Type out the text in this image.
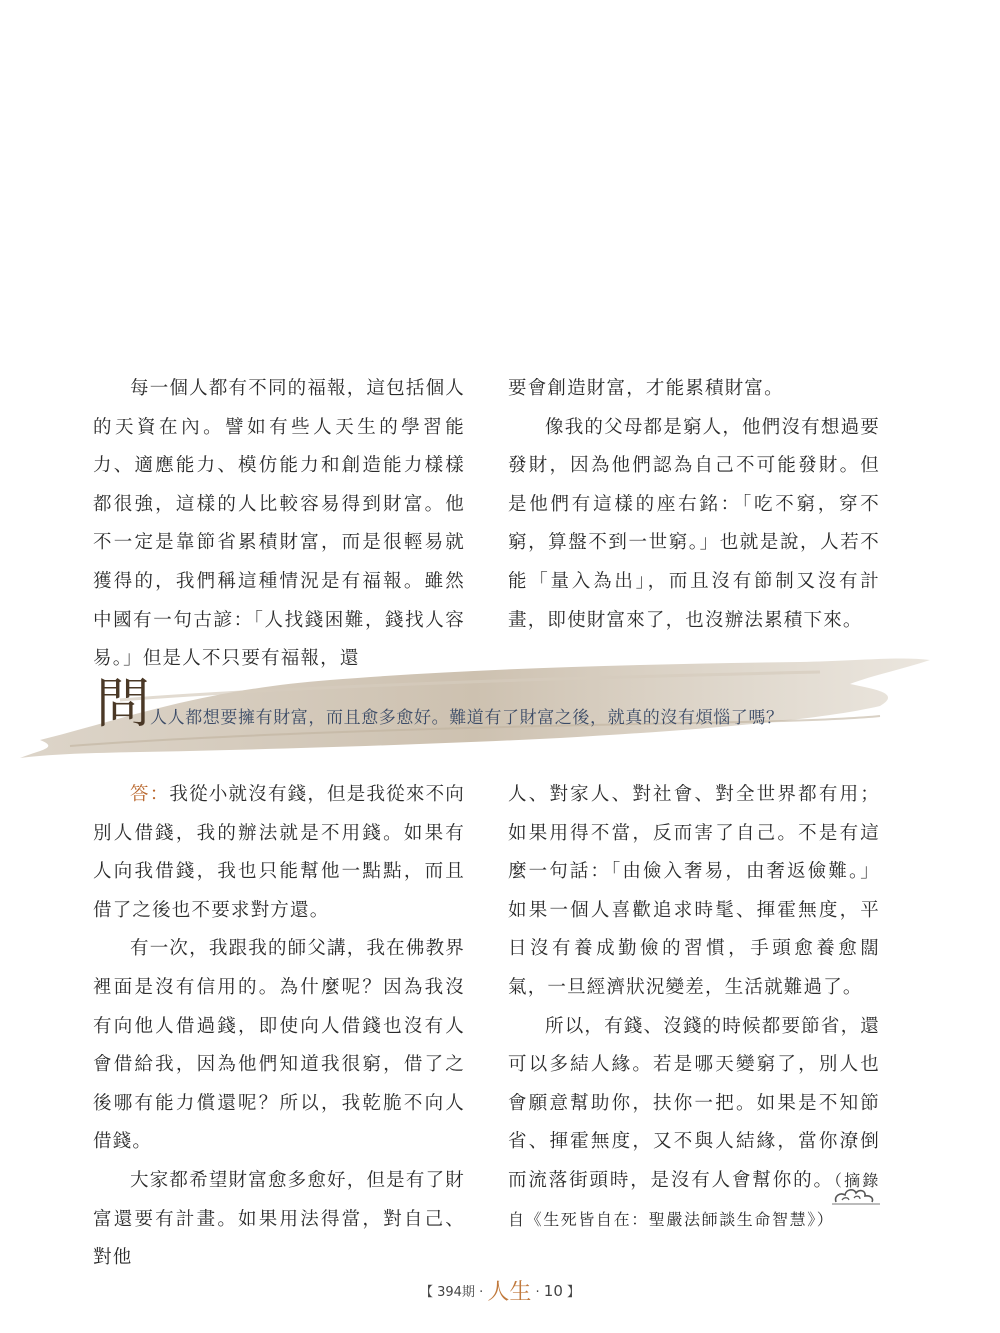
每一個人都有不同的福報，這包括個人的天資在內。譬如有些人天生的學習能力、適應能力、模仿能力和創造能力樣樣都很強，這樣的人比較容易得到財富。他不一定是靠節省累積財富，而是很輕易就獲得的，我們稱這種情況是有福報。雖然中國有一句古諺：「人找錢困難，錢找人容易。」但是人不只要有福報，還

要會創造財富，才能累積財富。

像我的父母都是窮人，他們沒有想過要發財，因為他們認為自己不可能發財。但是他們有這樣的座右銘：「吃不窮，穿不窮，算盤不到一世窮。」也就是說，人若不能「量入為出」，而且沒有節制又沒有計畫，即使財富來了，也沒辦法累積下來。

問 人人都想要擁有財富，而且愈多愈好。難道有了財富之後，就真的沒有煩惱了嗎？

答：我從小就沒有錢，但是我從來不向別人借錢，我的辦法就是不用錢。如果有人向我借錢，我也只能幫他一點點，而且借了之後也不要求對方還。

有一次，我跟我的師父講，我在佛教界裡面是沒有信用的。為什麼呢？因為我沒有向他人借過錢，即使向人借錢也沒有人會借給我，因為他們知道我很窮，借了之後哪有能力償還呢？所以，我乾脆不向人借錢。

大家都希望財富愈多愈好，但是有了財富還要有計畫。如果用法得當，對自己、對他

人、對家人、對社會、對全世界都有用；如果用得不當，反而害了自己。不是有這麼一句話：「由儉入奢易，由奢返儉難。」如果一個人喜歡追求時髦、揮霍無度，平日沒有養成勤儉的習慣，手頭愈養愈闊氣，一旦經濟狀況變差，生活就難過了。

所以，有錢、沒錢的時候都要節省，還可以多結人緣。若是哪天變窮了，別人也會願意幫助你，扶你一把。如果是不知節省、揮霍無度，又不與人結緣，當你潦倒而流落街頭時，是沒有人會幫你的。（摘錄自《生死皆自在：聖嚴法師談生命智慧》）

【 394期 · 人生 · 10 】
